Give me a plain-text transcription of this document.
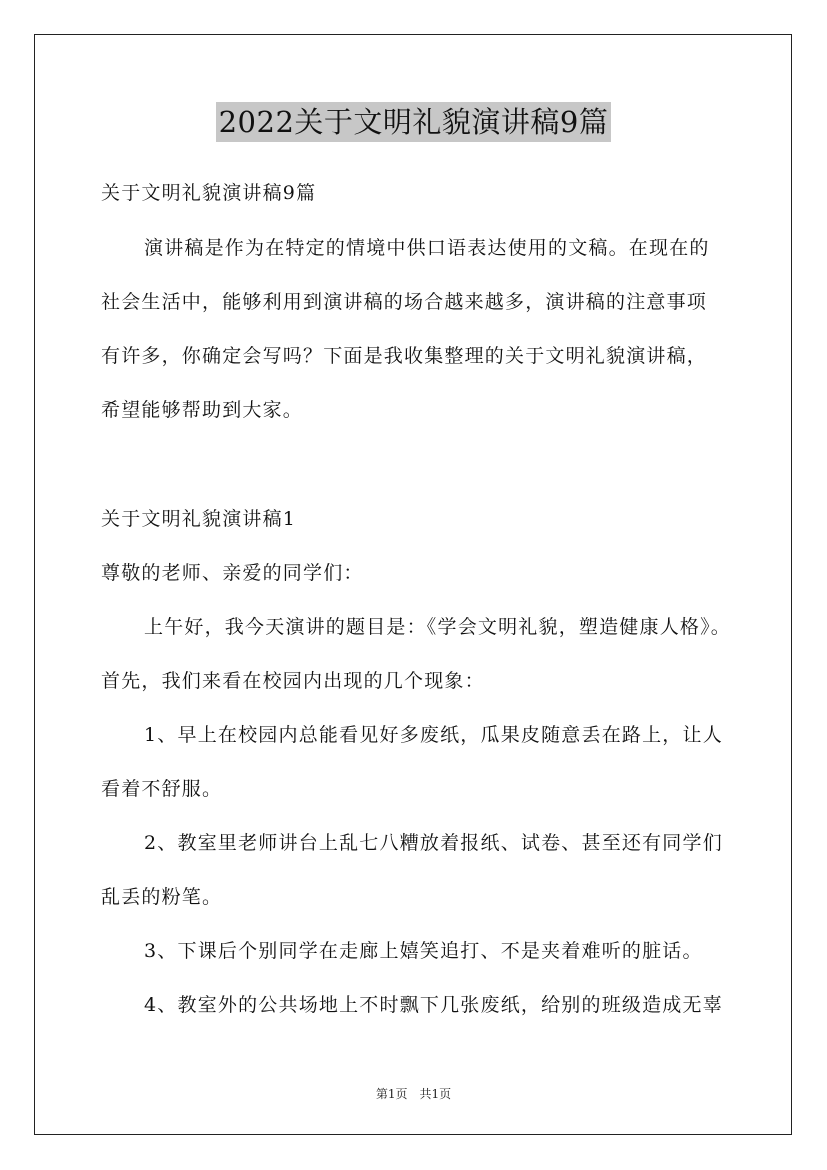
2022关于文明礼貌演讲稿9篇
关于文明礼貌演讲稿9篇
演讲稿是作为在特定的情境中供口语表达使用的文稿。在现在的
社会生活中，能够利用到演讲稿的场合越来越多，演讲稿的注意事项
有许多，你确定会写吗？下面是我收集整理的关于文明礼貌演讲稿，
希望能够帮助到大家。
关于文明礼貌演讲稿1
尊敬的老师、亲爱的同学们：
上午好，我今天演讲的题目是：《学会文明礼貌，塑造健康人格》。
首先，我们来看在校园内出现的几个现象：
1、早上在校园内总能看见好多废纸，瓜果皮随意丢在路上，让人
看着不舒服。
2、教室里老师讲台上乱七八糟放着报纸、试卷、甚至还有同学们
乱丢的粉笔。
3、下课后个别同学在走廊上嬉笑追打、不是夹着难听的脏话。
4、教室外的公共场地上不时飘下几张废纸，给别的班级造成无辜
第1页　共1页
